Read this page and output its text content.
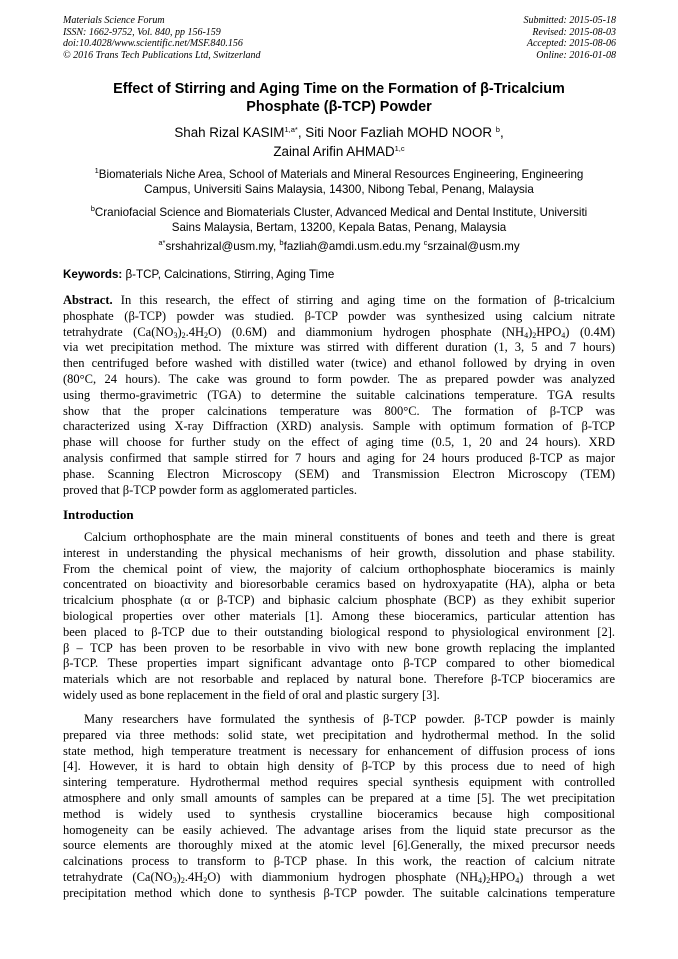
Materials Science Forum
ISSN: 1662-9752, Vol. 840, pp 156-159
doi:10.4028/www.scientific.net/MSF.840.156
© 2016 Trans Tech Publications Ltd, Switzerland
Submitted: 2015-05-18
Revised: 2015-08-03
Accepted: 2015-08-06
Online: 2016-01-08
Effect of Stirring and Aging Time on the Formation of β-Tricalcium
Phosphate (β-TCP) Powder
Shah Rizal $KASIM^{1,a*}$, Siti Noor Fazliah MOHD NOOR $^b$,
Zainal Arifin AHMAD$^{1,c}$
$^1$Biomaterials Niche Area, School of Materials and Mineral Resources Engineering, Engineering
Campus, Universiti Sains Malaysia, 14300, Nibong Tebal, Penang, Malaysia
$^b$Craniofacial Science and Biomaterials Cluster, Advanced Medical and Dental Institute, Universiti
Sains Malaysia, Bertam, 13200, Kepala Batas, Penang, Malaysia
$^{a*}$srshahrizal@usm.my, $^b$fazliah@amdi.usm.edu.my $^c$srzainal@usm.my
Keywords: β-TCP, Calcinations, Stirring, Aging Time
Abstract. In this research, the effect of stirring and aging time on the formation of β-tricalcium
phosphate (β-TCP) powder was studied. β-TCP powder was synthesized using calcium nitrate
tetrahydrate $(Ca(NO_3)_2.4H_2O)$ (0.6M) and diammonium hydrogen phosphate $(NH_4)_2HPO_4$) (0.4M)
via wet precipitation method. The mixture was stirred with different duration (1, 3, 5 and 7 hours)
then centrifuged before washed with distilled water (twice) and ethanol followed by drying in oven
(80°C, 24 hours). The cake was ground to form powder. The as prepared powder was analyzed
using thermo-gravimetric (TGA) to determine the suitable calcinations temperature. TGA results
show that the proper calcinations temperature was 800°C. The formation of β-TCP was
characterized using X-ray Diffraction (XRD) analysis. Sample with optimum formation of β-TCP
phase will choose for further study on the effect of aging time (0.5, 1, 20 and 24 hours). XRD
analysis confirmed that sample stirred for 7 hours and aging for 24 hours produced β-TCP as major
phase. Scanning Electron Microscopy (SEM) and Transmission Electron Microscopy (TEM)
proved that β-TCP powder form as agglomerated particles.
Introduction
Calcium orthophosphate are the main mineral constituents of bones and teeth and there is great
interest in understanding the physical mechanisms of heir growth, dissolution and phase stability.
From the chemical point of view, the majority of calcium orthophosphate bioceramics is mainly
concentrated on bioactivity and bioresorbable ceramics based on hydroxyapatite (HA), alpha or beta
tricalcium phosphate (α or β-TCP) and biphasic calcium phosphate (BCP) as they exhibit superior
biological properties over other materials [1]. Among these bioceramics, particular attention has
been placed to β-TCP due to their outstanding biological respond to physiological environment [2].
β – TCP has been proven to be resorbable in vivo with new bone growth replacing the implanted
β-TCP. These properties impart significant advantage onto β-TCP compared to other biomedical
materials which are not resorbable and replaced by natural bone. Therefore β-TCP bioceramics are
widely used as bone replacement in the field of oral and plastic surgery [3].
Many researchers have formulated the synthesis of β-TCP powder. β-TCP powder is mainly
prepared via three methods: solid state, wet precipitation and hydrothermal method. In the solid
state method, high temperature treatment is necessary for enhancement of diffusion process of ions
[4]. However, it is hard to obtain high density of β-TCP by this process due to need of high
sintering temperature. Hydrothermal method requires special synthesis equipment with controlled
atmosphere and only small amounts of samples can be prepared at a time [5]. The wet precipitation
method is widely used to synthesis crystalline bioceramics because high compositional
homogeneity can be easily achieved. The advantage arises from the liquid state precursor as the
source elements are thoroughly mixed at the atomic level [6].Generally, the mixed precursor needs
calcinations process to transform to β-TCP phase. In this work, the reaction of calcium nitrate
tetrahydrate $(Ca(NO_3)_2.4H_2O)$ with diammonium hydrogen phosphate $(NH_4)_2HPO_4$) through a wet
precipitation method which done to synthesis β-TCP powder. The suitable calcinations temperature
